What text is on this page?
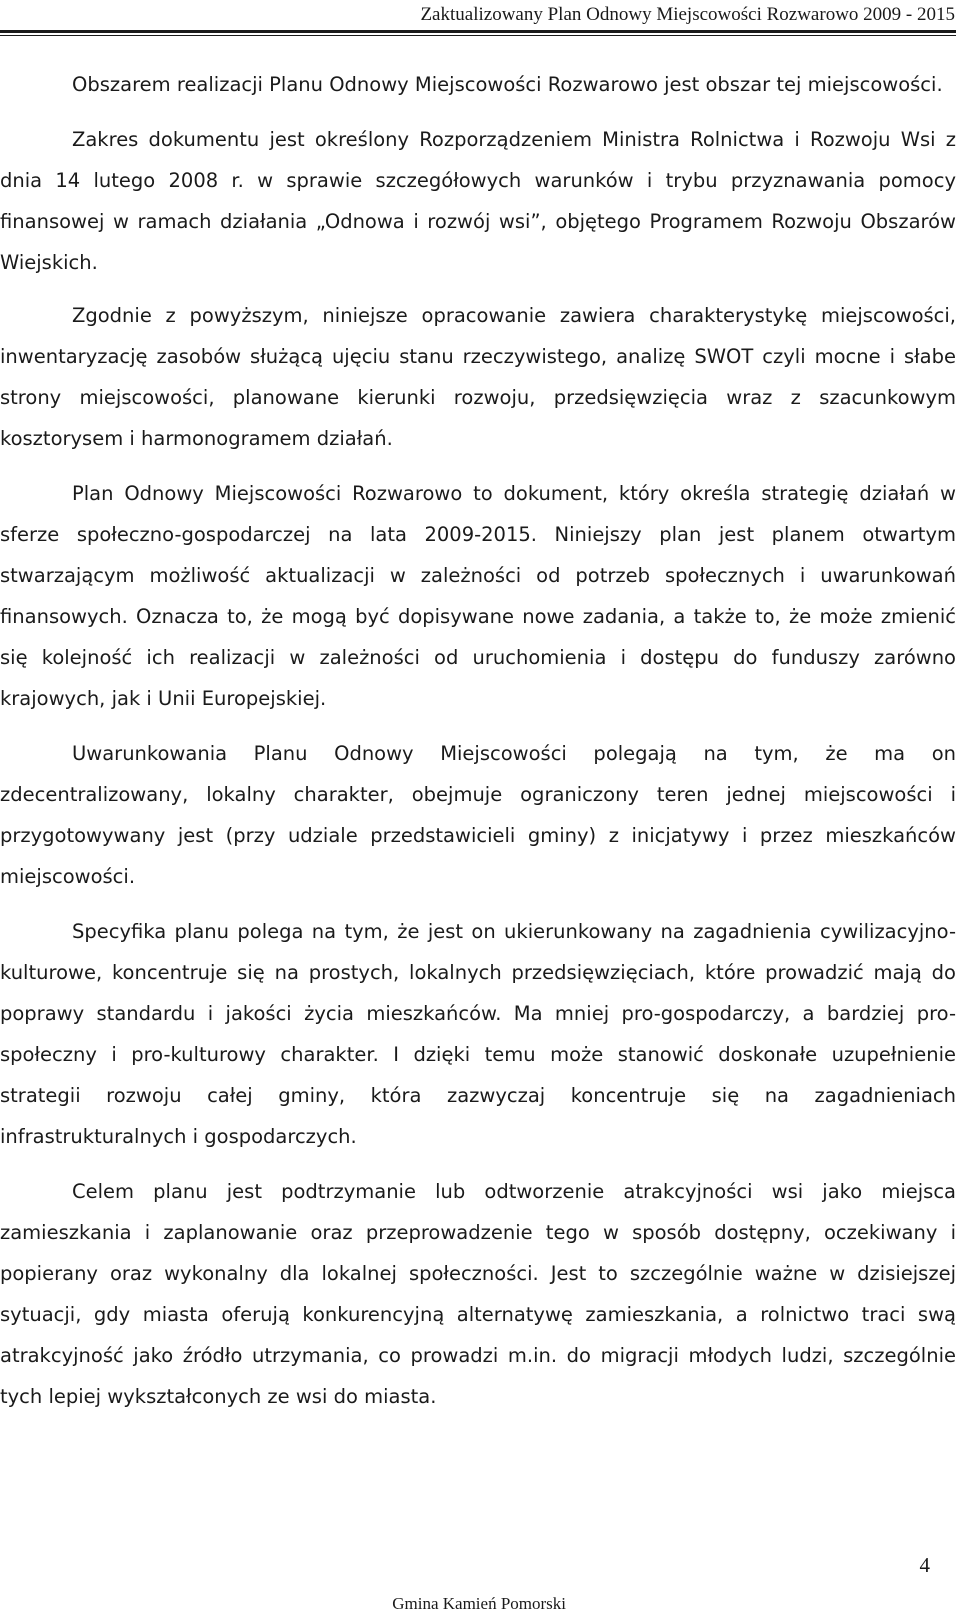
Zaktualizowany Plan Odnowy Miejscowości Rozwarowo 2009 - 2015

Obszarem realizacji Planu Odnowy Miejscowości Rozwarowo jest obszar tej miejscowości.

Zakres dokumentu jest określony Rozporządzeniem Ministra Rolnictwa i Rozwoju Wsi z dnia 14 lutego 2008 r. w sprawie szczegółowych warunków i trybu przyznawania pomocy finansowej w ramach działania „Odnowa i rozwój wsi”, objętego Programem Rozwoju Obszarów Wiejskich.

Zgodnie z powyższym, niniejsze opracowanie zawiera charakterystykę miejscowości, inwentaryzację zasobów służącą ujęciu stanu rzeczywistego, analizę SWOT czyli mocne i słabe strony miejscowości, planowane kierunki rozwoju, przedsięwzięcia wraz z szacunkowym kosztorysem i harmonogramem działań.

Plan Odnowy Miejscowości Rozwarowo to dokument, który określa strategię działań w sferze społeczno-gospodarczej na lata 2009-2015. Niniejszy plan jest planem otwartym stwarzającym możliwość aktualizacji w zależności od potrzeb społecznych i uwarunkowań finansowych. Oznacza to, że mogą być dopisywane nowe zadania, a także to, że może zmienić się kolejność ich realizacji w zależności od uruchomienia i dostępu do funduszy zarówno krajowych, jak i Unii Europejskiej.

Uwarunkowania Planu Odnowy Miejscowości polegają na tym, że ma on zdecentralizowany, lokalny charakter, obejmuje ograniczony teren jednej miejscowości i przygotowywany jest (przy udziale przedstawicieli gminy) z inicjatywy i przez mieszkańców miejscowości.

Specyfika planu polega na tym, że jest on ukierunkowany na zagadnienia cywilizacyjno-kulturowe, koncentruje się na prostych, lokalnych przedsięwzięciach, które prowadzić mają do poprawy standardu i jakości życia mieszkańców. Ma mniej pro-gospodarczy, a bardziej pro-społeczny i pro-kulturowy charakter. I dzięki temu może stanowić doskonałe uzupełnienie strategii rozwoju całej gminy, która zazwyczaj koncentruje się na zagadnieniach infrastrukturalnych i gospodarczych.

Celem planu jest podtrzymanie lub odtworzenie atrakcyjności wsi jako miejsca zamieszkania i zaplanowanie oraz przeprowadzenie tego w sposób dostępny, oczekiwany i popierany oraz wykonalny dla lokalnej społeczności. Jest to szczególnie ważne w dzisiejszej sytuacji, gdy miasta oferują konkurencyjną alternatywę zamieszkania, a rolnictwo traci swą atrakcyjność jako źródło utrzymania, co prowadzi m.in. do migracji młodych ludzi, szczególnie tych lepiej wykształconych ze wsi do miasta.

4
Gmina Kamień Pomorski
